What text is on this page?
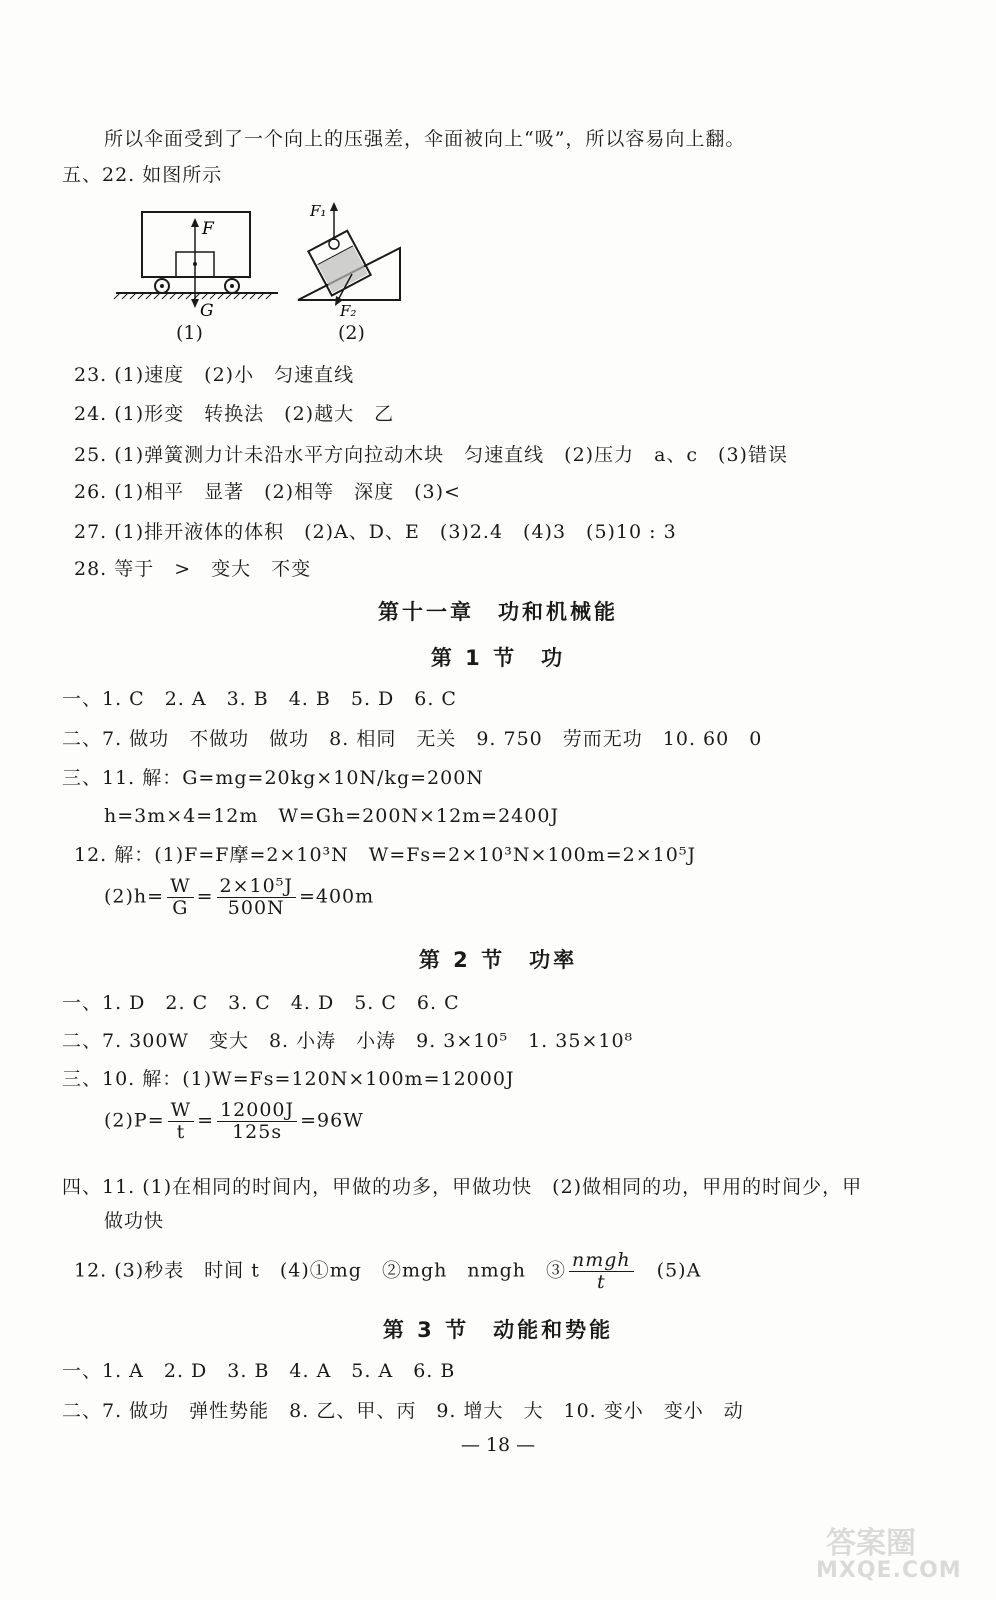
所以伞面受到了一个向上的压强差，伞面被向上“吸”，所以容易向上翻。
五、22. 如图所示
F
G
(1)
F₁
F₂
(2)
23. (1)速度　(2)小　匀速直线
24. (1)形变　转换法　(2)越大　乙
25. (1)弹簧测力计未沿水平方向拉动木块　匀速直线　(2)压力　a、c　(3)错误
26. (1)相平　显著　(2)相等　深度　(3)<
27. (1)排开液体的体积　(2)A、D、E　(3)2.4　(4)3　(5)10 : 3
28. 等于　>　变大　不变
第十一章　功和机械能
第 1 节　功
一、1. C　2. A　3. B　4. B　5. D　6. C
二、7. 做功　不做功　做功　8. 相同　无关　9. 750　劳而无功　10. 60　0
三、11. 解：G=mg=20kg×10N/kg=200N
h=3m×4=12m　W=Gh=200N×12m=2400J
12. 解：(1)F=F摩=2×10³N　W=Fs=2×10³N×100m=2×10⁵J
$(2)h= \frac{W}{G} = \frac{\text{2×10⁵J}}{500N} =400m$
第 2 节　功率
一、1. D　2. C　3. C　4. D　5. C　6. C
二、7. 300W　变大　8. 小涛　小涛　9. 3×10⁵　1. 35×10⁸
三、10. 解：(1)W=Fs=120N×100m=12000J
$(2)P= \frac{W}{t} = \frac{12000J}{125s} =96W$
四、11. (1)在相同的时间内，甲做的功多，甲做功快　(2)做相同的功，甲用的时间少，甲
做功快
12. (3)秒表　时间 t　(4)①mg　②mgh　nmgh　③ $\frac{\text{nmgh}}{t}$ 　(5)A
第 3 节　动能和势能
一、1. A　2. D　3. B　4. A　5. A　6. B
二、7. 做功　弹性势能　8. 乙、甲、丙　9. 增大　大　10. 变小　变小　动
— 18 —
答案圈
MXQE.COM
